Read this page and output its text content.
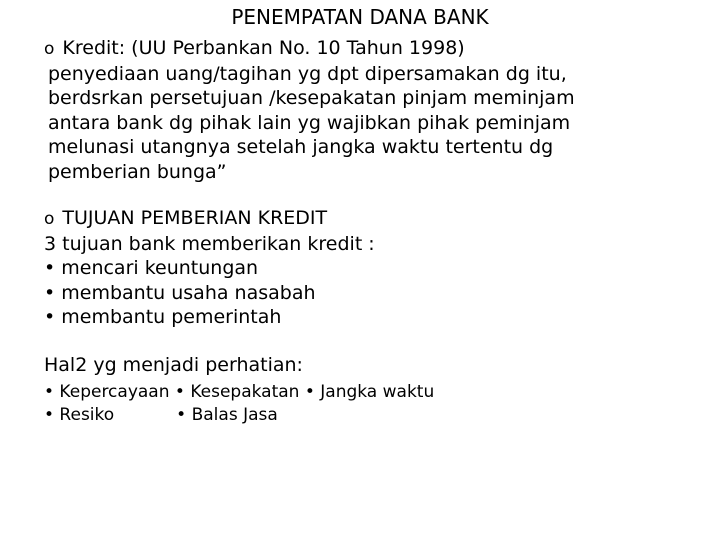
PENEMPATAN DANA BANK
o Kredit: (UU Perbankan No. 10 Tahun 1998)
penyediaan uang/tagihan yg dpt dipersamakan dg itu,
berdsrkan persetujuan /kesepakatan pinjam meminjam
antara bank dg pihak lain yg wajibkan pihak peminjam
melunasi utangnya setelah jangka waktu tertentu dg
pemberian bunga”
o TUJUAN PEMBERIAN KREDIT
3 tujuan bank memberikan kredit :
• mencari keuntungan
• membantu usaha nasabah
• membantu pemerintah
Hal2 yg menjadi perhatian:
• Kepercayaan • Kesepakatan • Jangka waktu
• Resiko	• Balas Jasa
